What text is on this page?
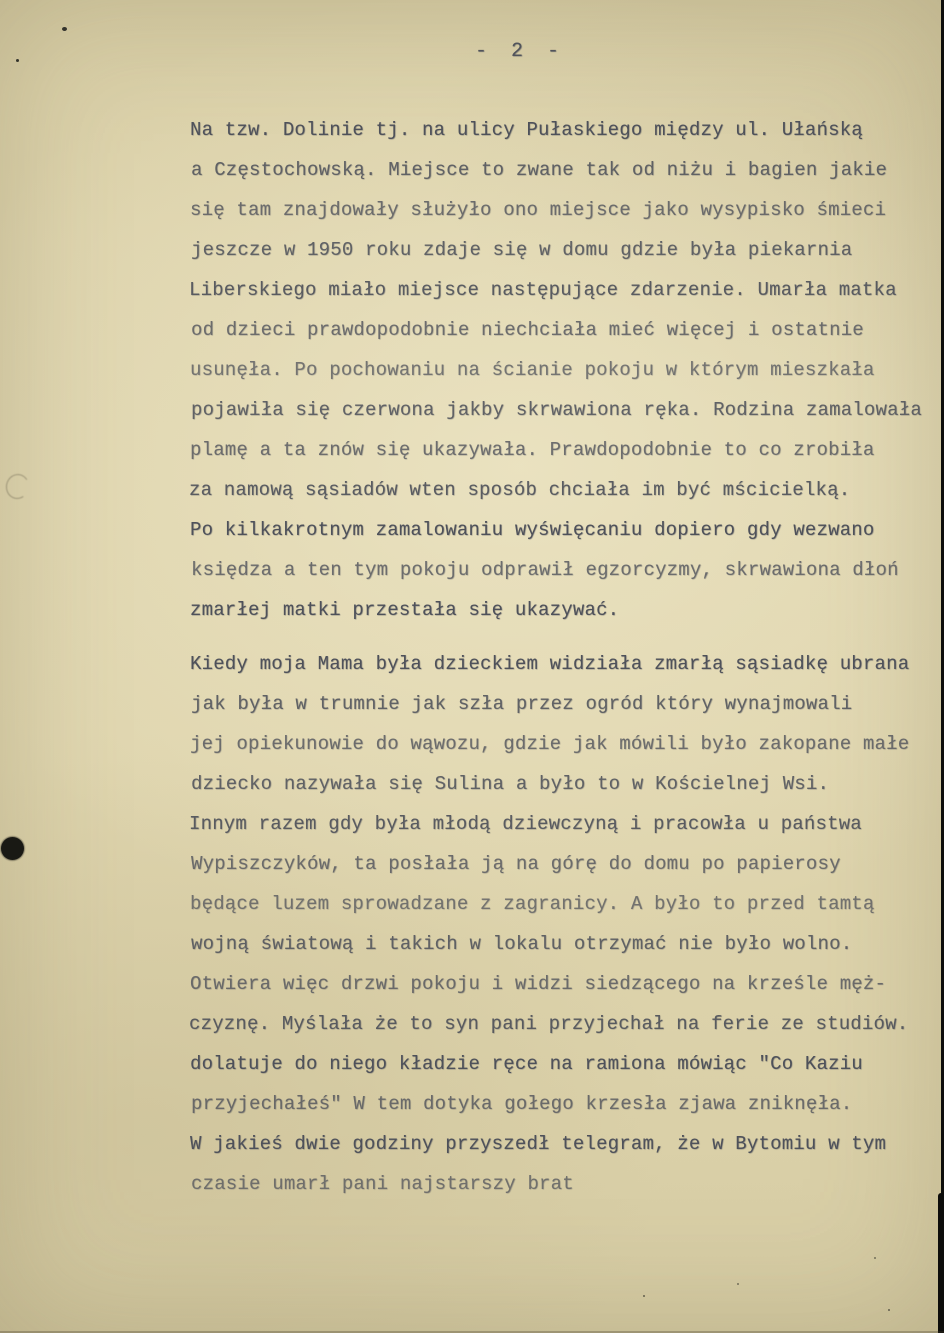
- 2 -
Na tzw. Dolinie tj. na ulicy Pułaskiego między ul. Ułańską
a Częstochowską. Miejsce to zwane tak od niżu i bagien jakie
się tam znajdowały służyło ono miejsce jako wysypisko śmieci
jeszcze w 1950 roku zdaje się w domu gdzie była piekarnia
Liberskiego miało miejsce następujące zdarzenie. Umarła matka
od dzieci prawdopodobnie niechciała mieć więcej i ostatnie
usunęła. Po pochowaniu na ścianie pokoju w którym mieszkała
pojawiła się czerwona jakby skrwawiona ręka. Rodzina zamalowała
plamę a ta znów się ukazywała. Prawdopodobnie to co zrobiła
za namową sąsiadów wten sposób chciała im być mścicielką.
Po kilkakrotnym zamalowaniu wyświęcaniu dopiero gdy wezwano
księdza a ten tym pokoju odprawił egzorcyzmy, skrwawiona dłoń
zmarłej matki przestała się ukazywać.
Kiedy moja Mama była dzieckiem widziała zmarłą sąsiadkę ubrana
jak była w trumnie jak szła przez ogród który wynajmowali
jej opiekunowie do wąwozu, gdzie jak mówili było zakopane małe
dziecko nazywała się Sulina a było to w Kościelnej Wsi.
Innym razem gdy była młodą dziewczyną i pracowła u państwa
Wypiszczyków, ta posłała ją na górę do domu po papierosy
będące luzem sprowadzane z zagranicy. A było to przed tamtą
wojną światową i takich w lokalu otrzymać nie było wolno.
Otwiera więc drzwi pokoju i widzi siedzącego na krześle męż-
czyznę. Myślała że to syn pani przyjechał na ferie ze studiów.
dolatuje do niego kładzie ręce na ramiona mówiąc "Co Kaziu
przyjechałeś" W tem dotyka gołego krzesła zjawa zniknęła.
W jakieś dwie godziny przyszedł telegram, że w Bytomiu w tym
czasie umarł pani najstarszy brat
